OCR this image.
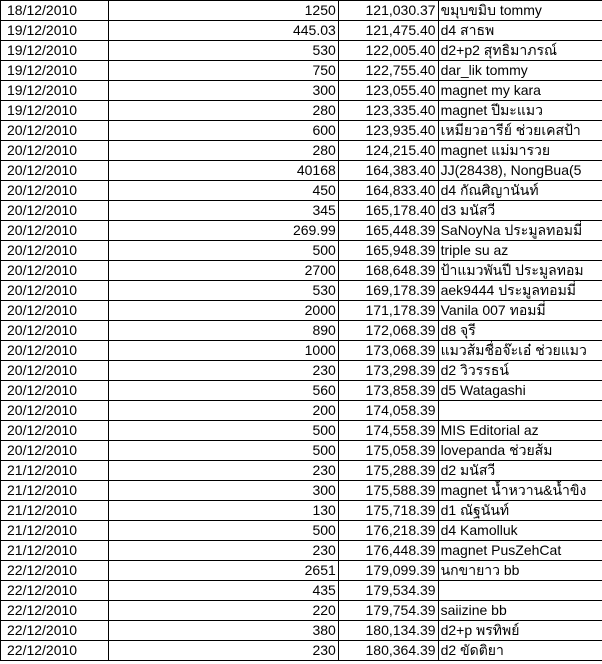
18/12/2010	1250	121,030.37	ขมุบขมิบ tommy
19/12/2010	445.03	121,475.40	d4 สาธพ
19/12/2010	530	122,005.40	d2+p2 สุทธิมาภรณ์
19/12/2010	750	122,755.40	dar_lik tommy
19/12/2010	300	123,055.40	magnet my kara
19/12/2010	280	123,335.40	magnet ปีมะแมว
20/12/2010	600	123,935.40	เหมียวอารีย์ ช่วยเคสป้า
20/12/2010	280	124,215.40	magnet แม่มารวย
20/12/2010	40168	164,383.40	JJ(28438), NongBua(5
20/12/2010	450	164,833.40	d4 กัณศิญานันท์
20/12/2010	345	165,178.40	d3 มนัสวี
20/12/2010	269.99	165,448.39	SaNoyNa ประมูลทอมมี่
20/12/2010	500	165,948.39	triple su az
20/12/2010	2700	168,648.39	ป้าแมวพันปี ประมูลทอม
20/12/2010	530	169,178.39	aek9444 ประมูลทอมมี่
20/12/2010	2000	171,178.39	Vanila 007 ทอมมี่
20/12/2010	890	172,068.39	d8 จุรี
20/12/2010	1000	173,068.39	แมวส้มชื่อจ๊ะเอ๋ ช่วยแมว
20/12/2010	230	173,298.39	d2 วิวรรธน์
20/12/2010	560	173,858.39	d5 Watagashi
20/12/2010	200	174,058.39	
20/12/2010	500	174,558.39	MIS Editorial az
20/12/2010	500	175,058.39	lovepanda ช่วยส้ม
21/12/2010	230	175,288.39	d2 มนัสวี
21/12/2010	300	175,588.39	magnet น้ำหวาน&น้ำขิง
21/12/2010	130	175,718.39	d1 ณัฐนันท์
21/12/2010	500	176,218.39	d4 Kamolluk
21/12/2010	230	176,448.39	magnet PusZehCat
22/12/2010	2651	179,099.39	นกขายาว bb
22/12/2010	435	179,534.39	
22/12/2010	220	179,754.39	saiizine bb
22/12/2010	380	180,134.39	d2+p พรทิพย์
22/12/2010	230	180,364.39	d2 ขัดติยา
